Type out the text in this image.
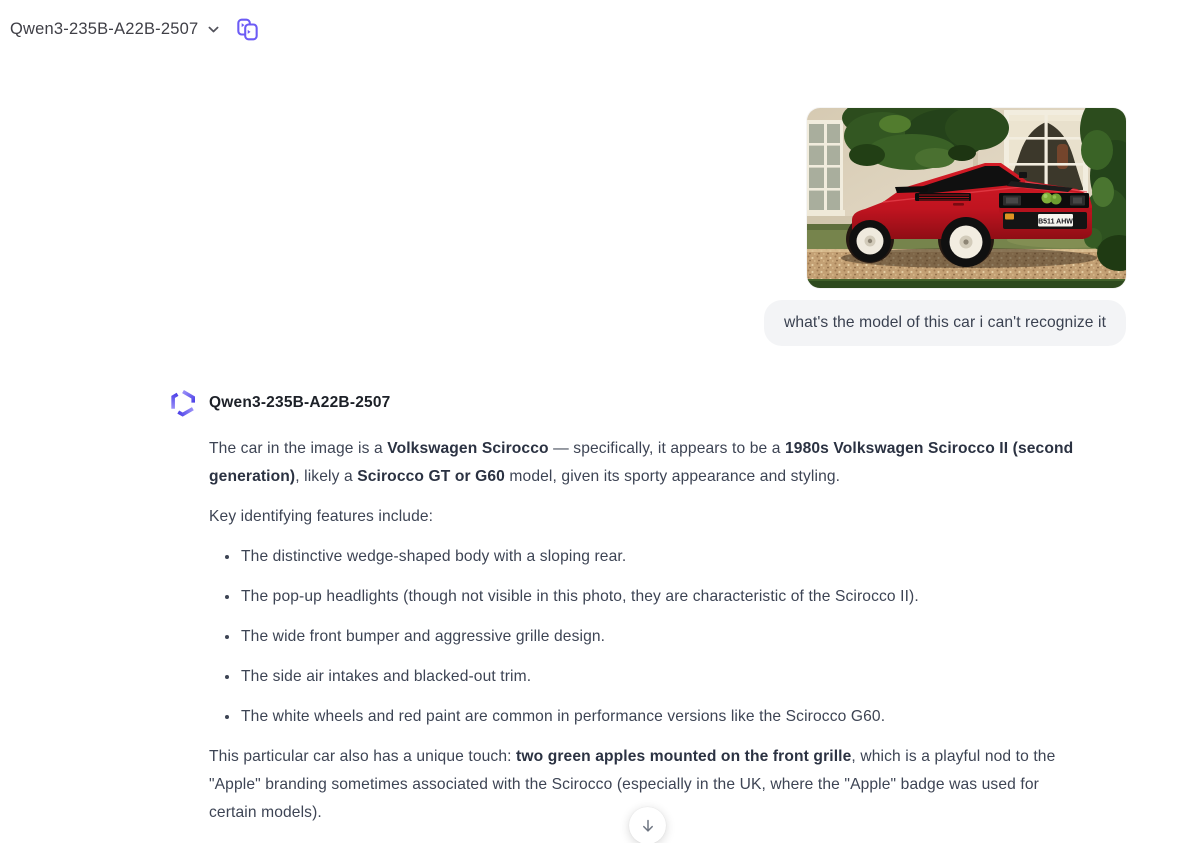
Qwen3-235B-A22B-2507
B511 AHW
what's the model of this car i can't recognize it
Qwen3-235B-A22B-2507

The car in the image is a Volkswagen Scirocco — specifically, it appears to be a 1980s Volkswagen Scirocco II (second generation), likely a Scirocco GT or G60 model, given its sporty appearance and styling.

Key identifying features include:

• The distinctive wedge-shaped body with a sloping rear.
• The pop-up headlights (though not visible in this photo, they are characteristic of the Scirocco II).
• The wide front bumper and aggressive grille design.
• The side air intakes and blacked-out trim.
• The white wheels and red paint are common in performance versions like the Scirocco G60.

This particular car also has a unique touch: two green apples mounted on the front grille, which is a playful nod to the "Apple" branding sometimes associated with the Scirocco (especially in the UK, where the "Apple" badge was used for certain models).
